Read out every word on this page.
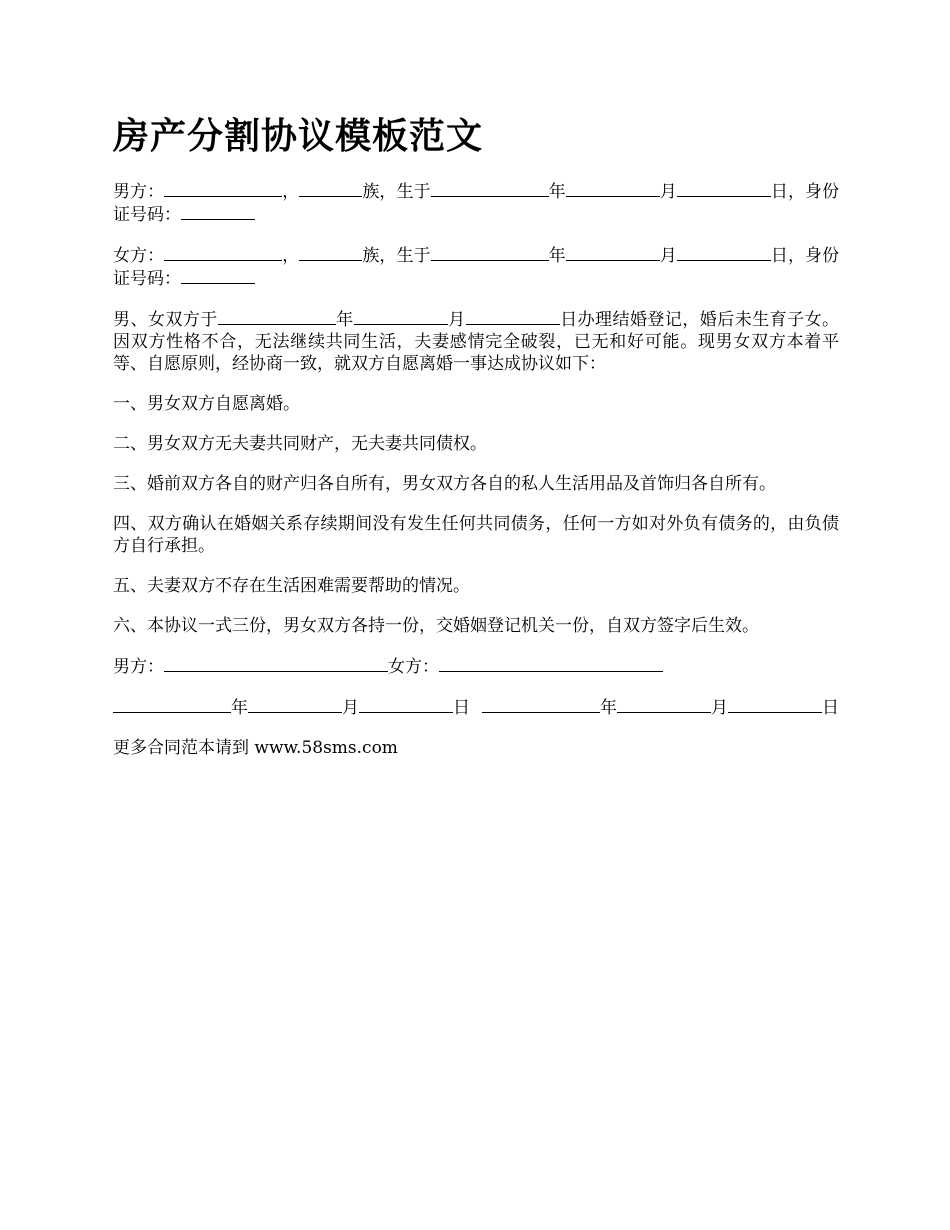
房产分割协议模板范文

男方：	，	族，生于	年	月	日，身份证号码：

女方：	，	族，生于	年	月	日，身份证号码：

男、女双方于	年	月	日办理结婚登记，婚后未生育子女。因双方性格不合，无法继续共同生活，夫妻感情完全破裂，已无和好可能。现男女双方本着平等、自愿原则，经协商一致，就双方自愿离婚一事达成协议如下：

一、男女双方自愿离婚。

二、男女双方无夫妻共同财产，无夫妻共同债权。

三、婚前双方各自的财产归各自所有，男女双方各自的私人生活用品及首饰归各自所有。

四、双方确认在婚姻关系存续期间没有发生任何共同债务，任何一方如对外负有债务的，由负债方自行承担。

五、夫妻双方不存在生活困难需要帮助的情况。

六、本协议一式三份，男女双方各持一份，交婚姻登记机关一份，自双方签字后生效。

男方：	女方：

年	月	日	年	月	日

更多合同范本请到 www.58sms.com
